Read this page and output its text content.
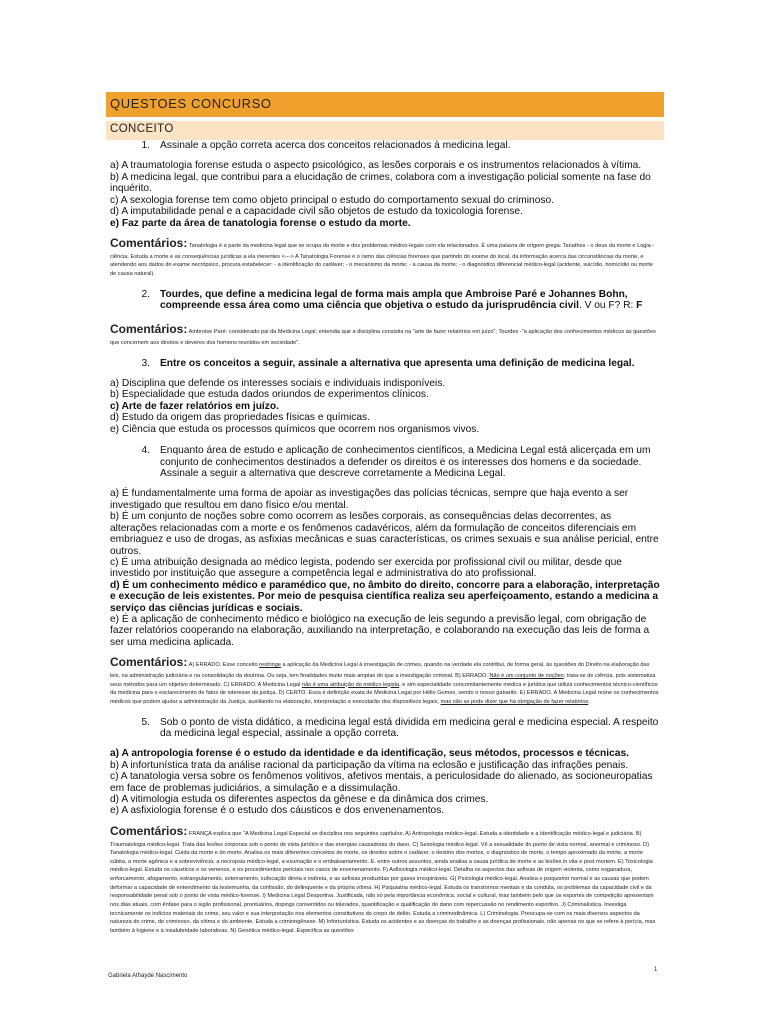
QUESTOES CONCURSO
CONCEITO
1. Assinale a opção correta acerca dos conceitos relacionados à medicina legal.

a) A traumatologia forense estuda o aspecto psicológico, as lesões corporais e os instrumentos relacionados à vítima.

b) A medicina legal, que contribui para a elucidação de crimes, colabora com a investigação policial somente na fase do inquérito.

c) A sexologia forense tem como objeto principal o estudo do comportamento sexual do criminoso.

d) A imputabilidade penal e a capacidade civil são objetos de estudo da toxicologia forense.

e) Faz parte da área de tanatologia forense o estudo da morte.

Comentários: Tanatologia é a parte da medicina legal que se ocupa da morte e dos problemas médico-legais com ela relacionados. É uma palavra de origem grega: Tanathos - o deus da morte e Logia - ciência. Estuda a morte e as consequências jurídicas a ela inerentes <---> A Tanatologia Forense é o ramo das ciências forenses que partindo do exame do local, da informação acerca das circunstâncias da morte, e atendendo aos dados do exame necrópsico, procura estabelecer: - a identificação do cadáver; - o mecanismo da morte; - a causa da morte; - o diagnóstico diferencial médico-legal (acidente, suicídio, homicídio ou morte de causa natural).

2. Tourdes, que define a medicina legal de forma mais ampla que Ambroise Paré e Johannes Bohn, compreende essa área como uma ciência que objetiva o estudo da jurisprudência civil. V ou F? R: F

Comentários: Ambroise Paré- considerado pai da Medicina Legal; entendia que a disciplina consistia na "arte de fazer relatórios em juízo"; Tourdes -"a aplicação dos conhecimentos médicos às questões que concernem aos direitos e deveres dos homens reunidos em sociedade".

3. Entre os conceitos a seguir, assinale a alternativa que apresenta uma definição de medicina legal.

a) Disciplina que defende os interesses sociais e individuais indisponíveis.

b) Especialidade que estuda dados oriundos de experimentos clínicos.

c) Arte de fazer relatórios em juízo.

d) Estudo da origem das propriedades físicas e químicas.

e) Ciência que estuda os processos químicos que ocorrem nos organismos vivos.

4. Enquanto área de estudo e aplicação de conhecimentos científicos, a Medicina Legal está alicerçada em um conjunto de conhecimentos destinados a defender os direitos e os interesses dos homens e da sociedade. Assinale a seguir a alternativa que descreve corretamente a Medicina Legal.

a) É fundamentalmente uma forma de apoiar as investigações das polícias técnicas, sempre que haja evento a ser investigado que resultou em dano físico e/ou mental.

b) É um conjunto de noções sobre como ocorrem as lesões corporais, as consequências delas decorrentes, as alterações relacionadas com a morte e os fenômenos cadavéricos, além da formulação de conceitos diferenciais em embriaguez e uso de drogas, as asfixias mecânicas e suas características, os crimes sexuais e sua análise pericial, entre outros.

c) É uma atribuição designada ao médico legista, podendo ser exercida por profissional civil ou militar, desde que investido por instituição que assegure a competência legal e administrativa do ato profissional.

d) É um conhecimento médico e paramédico que, no âmbito do direito, concorre para a elaboração, interpretação e execução de leis existentes. Por meio de pesquisa científica realiza seu aperfeiçoamento, estando a medicina a serviço das ciências jurídicas e sociais.

e) É a aplicação de conhecimento médico e biológico na execução de leis segundo a previsão legal, com obrigação de fazer relatórios cooperando na elaboração, auxiliando na interpretação, e colaborando na execução das leis de forma a ser uma medicina aplicada.

Comentários: A) ERRADO. Esse conceito restringe a aplicação da Medicina Legal à investigação de crimes, quando na verdade ela contribui, de forma geral, às questões do Direito na elaboração das leis, na administração judiciária e na consolidação da doutrina. Ou seja, tem finalidades muito mais amplas do que a investigação criminal. B) ERRADO. Não é um conjunto de noções; trata-se de ciência, pois sistematiza seus métodos para um objetivo determinado. C) ERRADO. A Medicina Legal não é uma atribuição do médico legista, e sim especialidade concomitantemente médica e jurídica que utiliza conhecimentos técnico-científicos da medicina para o esclarecimento de fatos de interesse da justiça. D) CERTO. Essa é definição exata de Medicina Legal por Hélio Gomes, sendo o nosso gabarito. E) ERRADO. A Medicina Legal reúne os conhecimentos médicos que podem ajudar a administração da Justiça, auxiliando na elaboração, interpretação e executarão dos dispositivos legais, mas não se pode dizer que há obrigação de fazer relatórios.

5. Sob o ponto de vista didático, a medicina legal está dividida em medicina geral e medicina especial. A respeito da medicina legal especial, assinale a opção correta.

a) A antropologia forense é o estudo da identidade e da identificação, seus métodos, processos e técnicas.

b) A infortunística trata da análise racional da participação da vítima na eclosão e justificação das infrações penais.

c) A tanatologia versa sobre os fenômenos volitivos, afetivos mentais, a periculosidade do alienado, as socioneuropatias em face de problemas judiciários, a simulação e a dissimulação.

d) A vitimologia estuda os diferentes aspectos da gênese e da dinâmica dos crimes.

e) A asfixiologia forense é o estudo dos cáusticos e dos envenenamentos.

Comentários: FRANÇA explica que "A Medicina Legal Especial se disciplina nos seguintes capítulos: A) Antropologia médico-legal. Estuda a identidade e a identificação médico-legal e judiciária. B) Traumatologia médico-legal. Trata das lesões corporais sob o ponto de vista jurídico e das energias causadoras do dano. C) Sexologia médico-legal. Vê a sexualidade do ponto de vista normal, anormal e criminoso. D) Tanatologia médico-legal. Cuida da morte e do morto. Analisa os mais diferentes conceitos de morte, os direitos sobre o cadáver, o destino dos mortos, o diagnóstico de morte, o tempo aproximado da morte, a morte súbita, a morte agônica e a sobrevivência; a necropsia médico-legal, a exumação e o embalsamamento. E. entre outros assuntos, ainda analisa a causa jurídica de morte e as lesões in vita e post mortem. E) Toxicologia médico-legal. Estuda os cáusticos e os venenos, e os procedimentos periciais nos casos de envenenamento. F) Asfixiologia médico-legal. Detalha os aspectos das asfixias de origem violenta, como esganadura, enforcamento, afogamento, estrangulamento, soterramento, sufocação direta e indireta, e as asfixias produzidas por gases irrespiráveis. G) Psicologia médico-legal. Analisa o psiquismo normal e as causas que podem deformar a capacidade de entendimento da testemunha, da confissão, do delinquente e da própria vítima. H) Psiquiatria médico-legal. Estuda os transtornos mentais e da conduta, os problemas da capacidade civil e da responsabilidade penal sob o ponto de vista médico-forense. I) Medicina Legal Desportiva. Justificada, não só pela importância econômica, social e cultural, mas também pelo que os esportes de competição apresentam nos dias atuais, com ênfase para o sigilo profissional, prontuários, dopings consentidos ou tolerados, quantificação e qualificação do dano com repercussão no rendimento esportivo. J) Criminalística. Investiga tecnicamente os indícios materiais do crime, seu valor e sua interpretação nos elementos constitutivos do corpo de delito. Estuda a criminodinâmica. L) Criminologia. Preocupa-se com os mais diversos aspectos da natureza do crime, do criminoso, da vítima e do ambiente. Estuda a criminogênese. M) Infortunística. Estuda os acidentes e as doenças do trabalho e as doenças profissionais, não apenas no que se refere à perícia, mas também à higiene e à insalubridade laborativas. N) Genética médico-legal. Especifica as questões

1
Gabriela Athayde Nascimento
